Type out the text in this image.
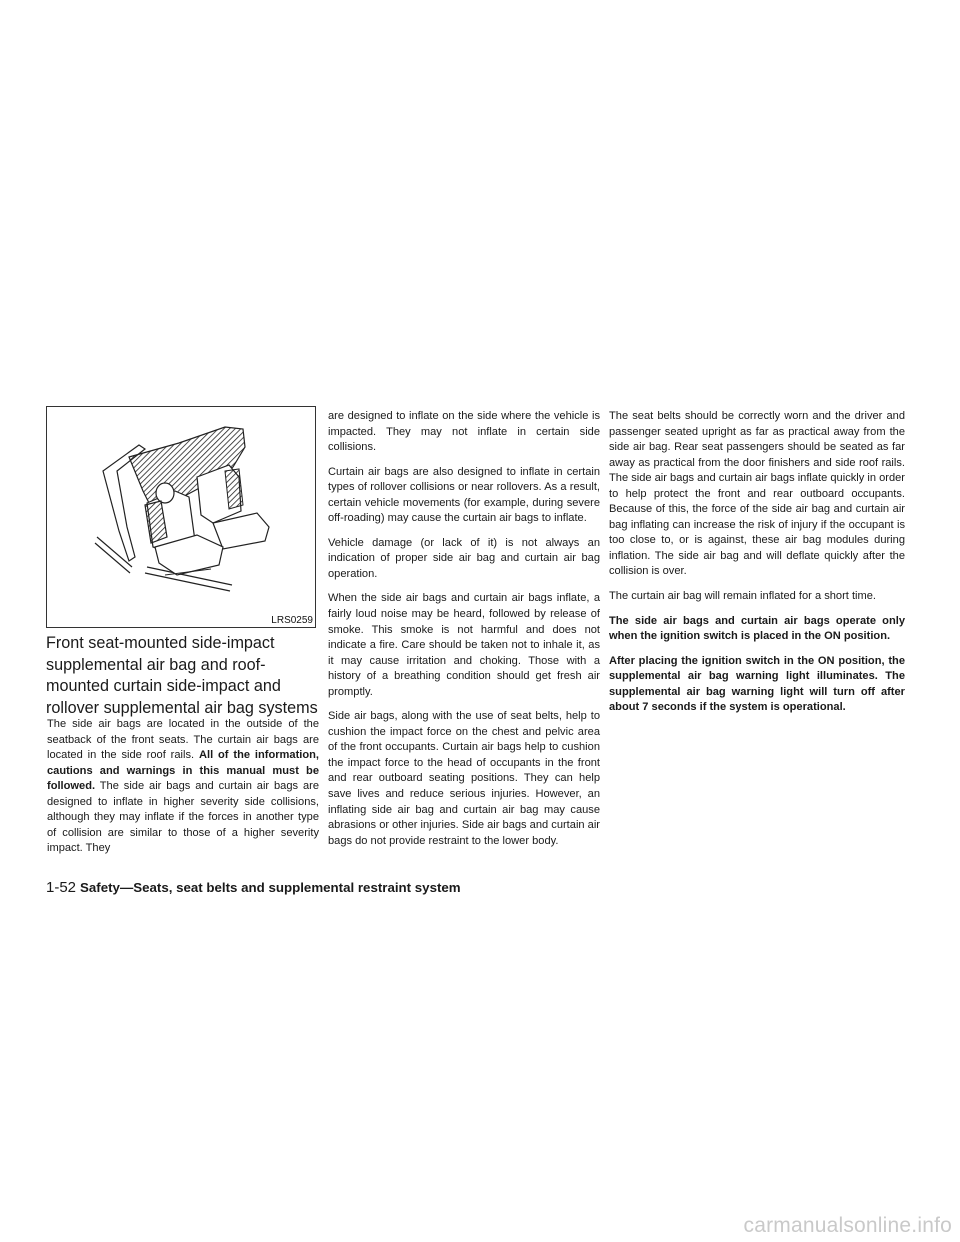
LRS0259
Front seat-mounted side-impact supplemental air bag and roof-mounted curtain side-impact and rollover supplemental air bag systems

The side air bags are located in the outside of the seatback of the front seats. The curtain air bags are located in the side roof rails. All of the information, cautions and warnings in this manual must be followed. The side air bags and curtain air bags are designed to inflate in higher severity side collisions, although they may inflate if the forces in another type of collision are similar to those of a higher severity impact. They

are designed to inflate on the side where the vehicle is impacted. They may not inflate in certain side collisions.

Curtain air bags are also designed to inflate in certain types of rollover collisions or near rollovers. As a result, certain vehicle movements (for example, during severe off-roading) may cause the curtain air bags to inflate.

Vehicle damage (or lack of it) is not always an indication of proper side air bag and curtain air bag operation.

When the side air bags and curtain air bags inflate, a fairly loud noise may be heard, followed by release of smoke. This smoke is not harmful and does not indicate a fire. Care should be taken not to inhale it, as it may cause irritation and choking. Those with a history of a breathing condition should get fresh air promptly.

Side air bags, along with the use of seat belts, help to cushion the impact force on the chest and pelvic area of the front occupants. Curtain air bags help to cushion the impact force to the head of occupants in the front and rear outboard seating positions. They can help save lives and reduce serious injuries. However, an inflating side air bag and curtain air bag may cause abrasions or other injuries. Side air bags and curtain air bags do not provide restraint to the lower body.

The seat belts should be correctly worn and the driver and passenger seated upright as far as practical away from the side air bag. Rear seat passengers should be seated as far away as practical from the door finishers and side roof rails. The side air bags and curtain air bags inflate quickly in order to help protect the front and rear outboard occupants. Because of this, the force of the side air bag and curtain air bag inflating can increase the risk of injury if the occupant is too close to, or is against, these air bag modules during inflation. The side air bag and will deflate quickly after the collision is over.

The curtain air bag will remain inflated for a short time.

The side air bags and curtain air bags operate only when the ignition switch is placed in the ON position.

After placing the ignition switch in the ON position, the supplemental air bag warning light illuminates. The supplemental air bag warning light will turn off after about 7 seconds if the system is operational.

1-52 Safety—Seats, seat belts and supplemental restraint system
carmanualsonline.info
